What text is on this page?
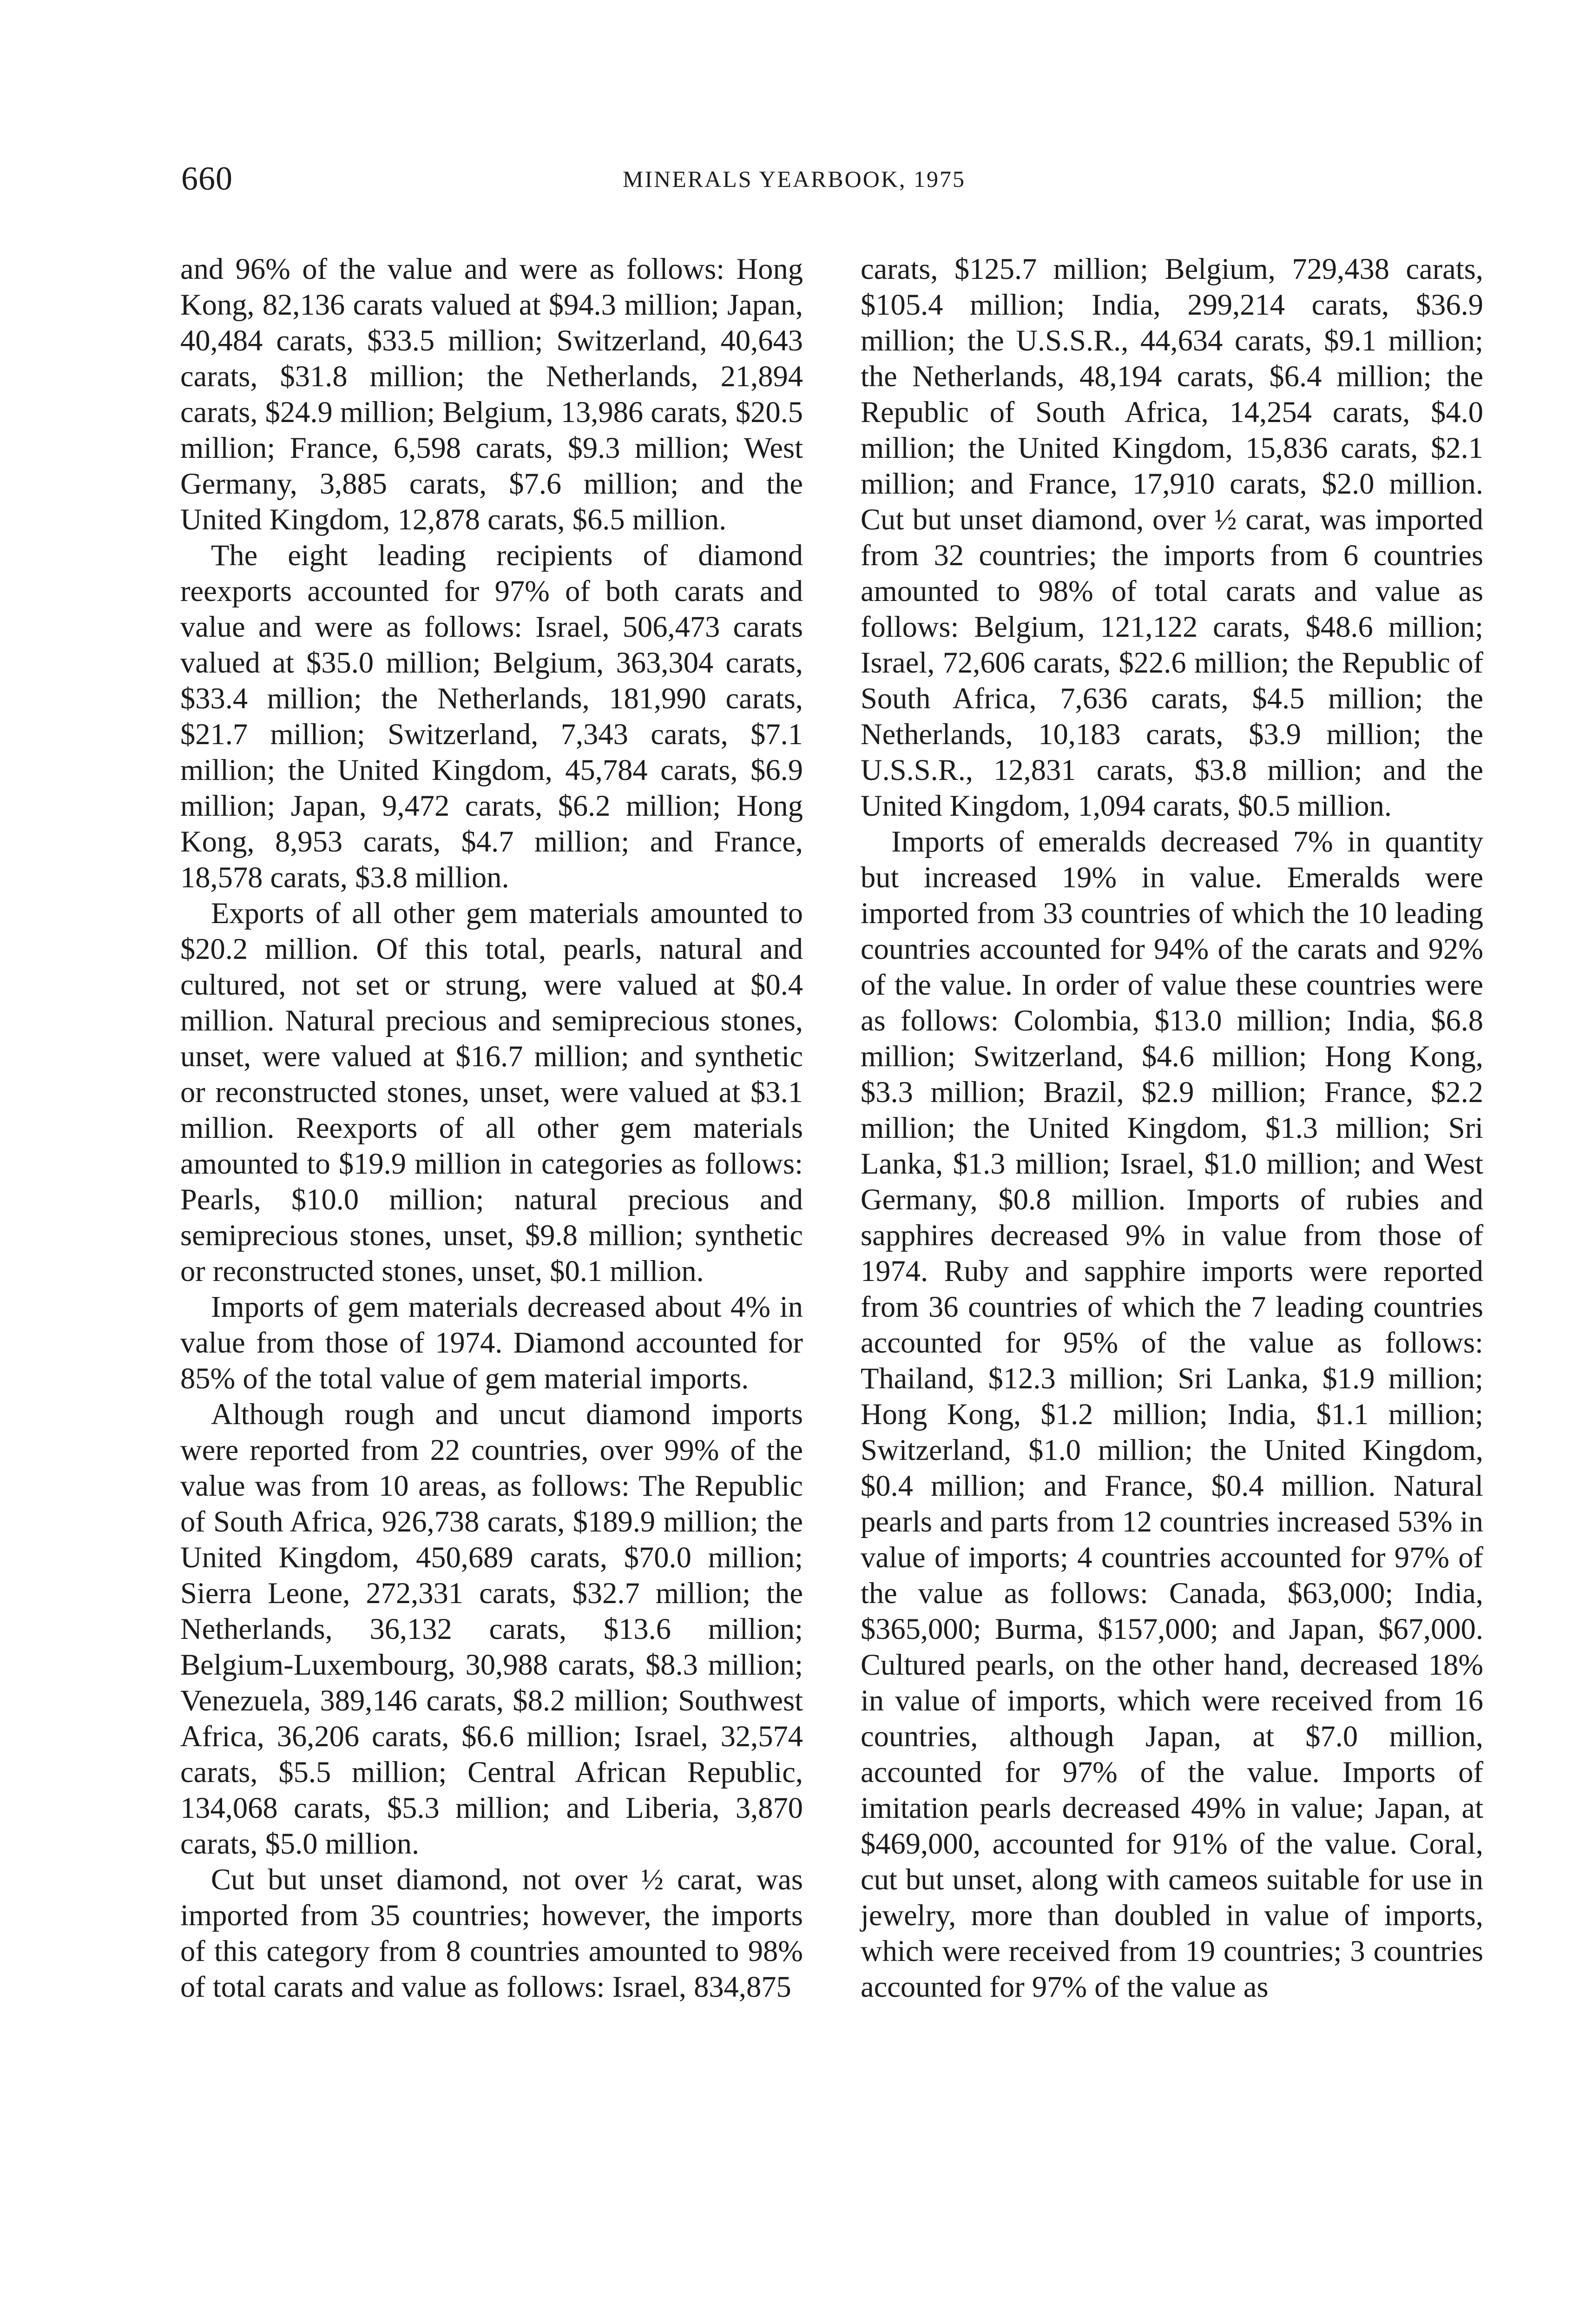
660	MINERALS YEARBOOK, 1975

and 96% of the value and were as follows: Hong Kong, 82,136 carats valued at $94.3 million; Japan, 40,484 carats, $33.5 million; Switzerland, 40,643 carats, $31.8 million; the Netherlands, 21,894 carats, $24.9 million; Belgium, 13,986 carats, $20.5 million; France, 6,598 carats, $9.3 million; West Germany, 3,885 carats, $7.6 million; and the United Kingdom, 12,878 carats, $6.5 million.

The eight leading recipients of diamond reexports accounted for 97% of both carats and value and were as follows: Israel, 506,473 carats valued at $35.0 million; Belgium, 363,304 carats, $33.4 million; the Netherlands, 181,990 carats, $21.7 million; Switzerland, 7,343 carats, $7.1 million; the United Kingdom, 45,784 carats, $6.9 million; Japan, 9,472 carats, $6.2 million; Hong Kong, 8,953 carats, $4.7 million; and France, 18,578 carats, $3.8 million.

Exports of all other gem materials amounted to $20.2 million. Of this total, pearls, natural and cultured, not set or strung, were valued at $0.4 million. Natural precious and semiprecious stones, unset, were valued at $16.7 million; and synthetic or reconstructed stones, unset, were valued at $3.1 million. Reexports of all other gem materials amounted to $19.9 million in categories as follows: Pearls, $10.0 million; natural precious and semiprecious stones, unset, $9.8 million; synthetic or reconstructed stones, unset, $0.1 million.

Imports of gem materials decreased about 4% in value from those of 1974. Diamond accounted for 85% of the total value of gem material imports.

Although rough and uncut diamond imports were reported from 22 countries, over 99% of the value was from 10 areas, as follows: The Republic of South Africa, 926,738 carats, $189.9 million; the United Kingdom, 450,689 carats, $70.0 million; Sierra Leone, 272,331 carats, $32.7 million; the Netherlands, 36,132 carats, $13.6 million; Belgium-Luxembourg, 30,988 carats, $8.3 million; Venezuela, 389,146 carats, $8.2 million; Southwest Africa, 36,206 carats, $6.6 million; Israel, 32,574 carats, $5.5 million; Central African Republic, 134,068 carats, $5.3 million; and Liberia, 3,870 carats, $5.0 million.

Cut but unset diamond, not over ½ carat, was imported from 35 countries; however, the imports of this category from 8 countries amounted to 98% of total carats and value as follows: Israel, 834,875

carats, $125.7 million; Belgium, 729,438 carats, $105.4 million; India, 299,214 carats, $36.9 million; the U.S.S.R., 44,634 carats, $9.1 million; the Netherlands, 48,194 carats, $6.4 million; the Republic of South Africa, 14,254 carats, $4.0 million; the United Kingdom, 15,836 carats, $2.1 million; and France, 17,910 carats, $2.0 million. Cut but unset diamond, over ½ carat, was imported from 32 countries; the imports from 6 countries amounted to 98% of total carats and value as follows: Belgium, 121,122 carats, $48.6 million; Israel, 72,606 carats, $22.6 million; the Republic of South Africa, 7,636 carats, $4.5 million; the Netherlands, 10,183 carats, $3.9 million; the U.S.S.R., 12,831 carats, $3.8 million; and the United Kingdom, 1,094 carats, $0.5 million.

Imports of emeralds decreased 7% in quantity but increased 19% in value. Emeralds were imported from 33 countries of which the 10 leading countries accounted for 94% of the carats and 92% of the value. In order of value these countries were as follows: Colombia, $13.0 million; India, $6.8 million; Switzerland, $4.6 million; Hong Kong, $3.3 million; Brazil, $2.9 million; France, $2.2 million; the United Kingdom, $1.3 million; Sri Lanka, $1.3 million; Israel, $1.0 million; and West Germany, $0.8 million. Imports of rubies and sapphires decreased 9% in value from those of 1974. Ruby and sapphire imports were reported from 36 countries of which the 7 leading countries accounted for 95% of the value as follows: Thailand, $12.3 million; Sri Lanka, $1.9 million; Hong Kong, $1.2 million; India, $1.1 million; Switzerland, $1.0 million; the United Kingdom, $0.4 million; and France, $0.4 million. Natural pearls and parts from 12 countries increased 53% in value of imports; 4 countries accounted for 97% of the value as follows: Canada, $63,000; India, $365,000; Burma, $157,000; and Japan, $67,000. Cultured pearls, on the other hand, decreased 18% in value of imports, which were received from 16 countries, although Japan, at $7.0 million, accounted for 97% of the value. Imports of imitation pearls decreased 49% in value; Japan, at $469,000, accounted for 91% of the value. Coral, cut but unset, along with cameos suitable for use in jewelry, more than doubled in value of imports, which were received from 19 countries; 3 countries accounted for 97% of the value as
